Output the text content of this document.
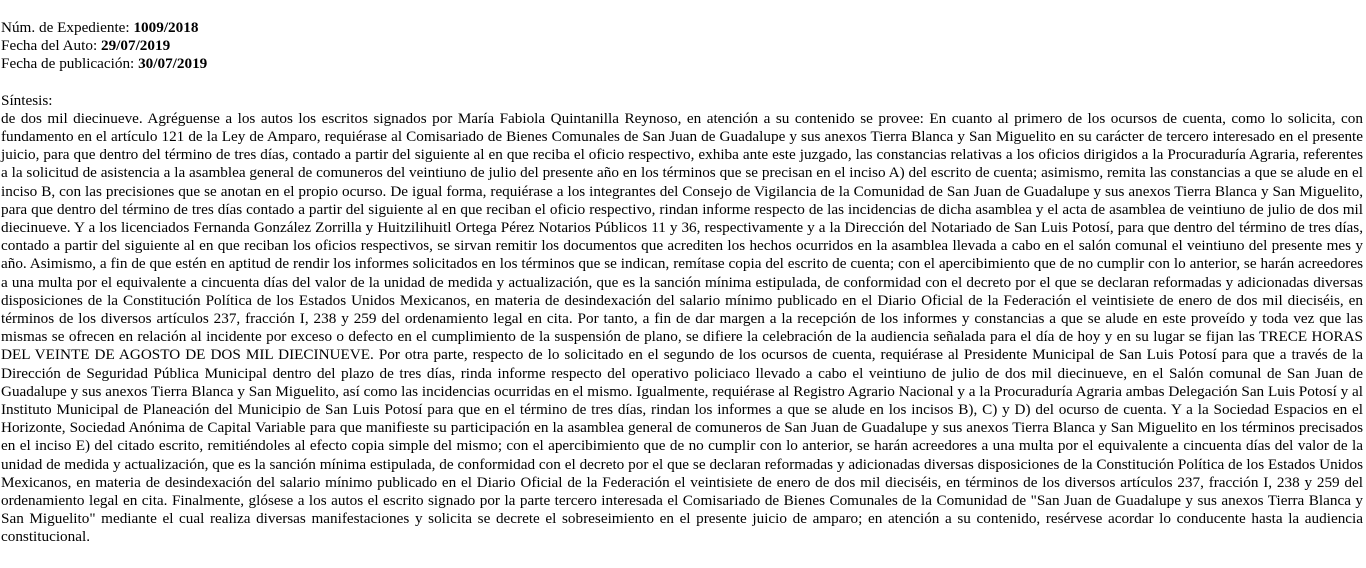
Núm. de Expediente: 1009/2018
Fecha del Auto: 29/07/2019
Fecha de publicación: 30/07/2019
Síntesis:
de dos mil diecinueve. Agréguense a los autos los escritos signados por María Fabiola Quintanilla Reynoso, en atención a su contenido se provee: En cuanto al primero de los ocursos de cuenta, como lo solicita, con fundamento en el artículo 121 de la Ley de Amparo, requiérase al Comisariado de Bienes Comunales de San Juan de Guadalupe y sus anexos Tierra Blanca y San Miguelito en su carácter de tercero interesado en el presente juicio, para que dentro del término de tres días, contado a partir del siguiente al en que reciba el oficio respectivo, exhiba ante este juzgado, las constancias relativas a los oficios dirigidos a la Procuraduría Agraria, referentes a la solicitud de asistencia a la asamblea general de comuneros del veintiuno de julio del presente año en los términos que se precisan en el inciso A) del escrito de cuenta; asimismo, remita las constancias a que se alude en el inciso B, con las precisiones que se anotan en el propio ocurso. De igual forma, requiérase a los integrantes del Consejo de Vigilancia de la Comunidad de San Juan de Guadalupe y sus anexos Tierra Blanca y San Miguelito, para que dentro del término de tres días contado a partir del siguiente al en que reciban el oficio respectivo, rindan informe respecto de las incidencias de dicha asamblea y el acta de asamblea de veintiuno de julio de dos mil diecinueve. Y a los licenciados Fernanda González Zorrilla y Huitzilihuitl Ortega Pérez Notarios Públicos 11 y 36, respectivamente y a la Dirección del Notariado de San Luis Potosí, para que dentro del término de tres días, contado a partir del siguiente al en que reciban los oficios respectivos, se sirvan remitir los documentos que acrediten los hechos ocurridos en la asamblea llevada a cabo en el salón comunal el veintiuno del presente mes y año. Asimismo, a fin de que estén en aptitud de rendir los informes solicitados en los términos que se indican, remítase copia del escrito de cuenta; con el apercibimiento que de no cumplir con lo anterior, se harán acreedores a una multa por el equivalente a cincuenta días del valor de la unidad de medida y actualización, que es la sanción mínima estipulada, de conformidad con el decreto por el que se declaran reformadas y adicionadas diversas disposiciones de la Constitución Política de los Estados Unidos Mexicanos, en materia de desindexación del salario mínimo publicado en el Diario Oficial de la Federación el veintisiete de enero de dos mil dieciséis, en términos de los diversos artículos 237, fracción I, 238 y 259 del ordenamiento legal en cita. Por tanto, a fin de dar margen a la recepción de los informes y constancias a que se alude en este proveído y toda vez que las mismas se ofrecen en relación al incidente por exceso o defecto en el cumplimiento de la suspensión de plano, se difiere la celebración de la audiencia señalada para el día de hoy y en su lugar se fijan las TRECE HORAS DEL VEINTE DE AGOSTO DE DOS MIL DIECINUEVE. Por otra parte, respecto de lo solicitado en el segundo de los ocursos de cuenta, requiérase al Presidente Municipal de San Luis Potosí para que a través de la Dirección de Seguridad Pública Municipal dentro del plazo de tres días, rinda informe respecto del operativo policiaco llevado a cabo el veintiuno de julio de dos mil diecinueve, en el Salón comunal de San Juan de Guadalupe y sus anexos Tierra Blanca y San Miguelito, así como las incidencias ocurridas en el mismo. Igualmente, requiérase al Registro Agrario Nacional y a la Procuraduría Agraria ambas Delegación San Luis Potosí y al Instituto Municipal de Planeación del Municipio de San Luis Potosí para que en el término de tres días, rindan los informes a que se alude en los incisos B), C) y D) del ocurso de cuenta. Y a la Sociedad Espacios en el Horizonte, Sociedad Anónima de Capital Variable para que manifieste su participación en la asamblea general de comuneros de San Juan de Guadalupe y sus anexos Tierra Blanca y San Miguelito en los términos precisados en el inciso E) del citado escrito, remitiéndoles al efecto copia simple del mismo; con el apercibimiento que de no cumplir con lo anterior, se harán acreedores a una multa por el equivalente a cincuenta días del valor de la unidad de medida y actualización, que es la sanción mínima estipulada, de conformidad con el decreto por el que se declaran reformadas y adicionadas diversas disposiciones de la Constitución Política de los Estados Unidos Mexicanos, en materia de desindexación del salario mínimo publicado en el Diario Oficial de la Federación el veintisiete de enero de dos mil dieciséis, en términos de los diversos artículos 237, fracción I, 238 y 259 del ordenamiento legal en cita. Finalmente, glósese a los autos el escrito signado por la parte tercero interesada el Comisariado de Bienes Comunales de la Comunidad de "San Juan de Guadalupe y sus anexos Tierra Blanca y San Miguelito" mediante el cual realiza diversas manifestaciones y solicita se decrete el sobreseimiento en el presente juicio de amparo; en atención a su contenido, resérvese acordar lo conducente hasta la audiencia constitucional.
